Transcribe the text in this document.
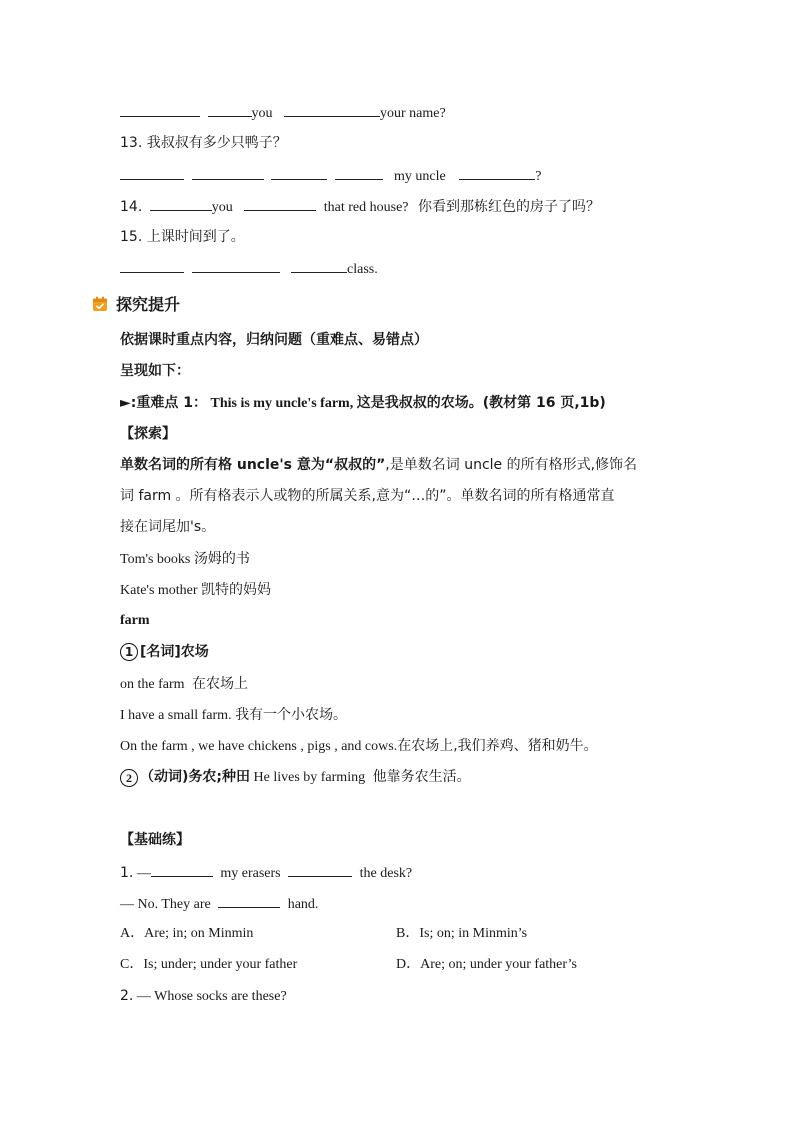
you	your name?
13. 我叔叔有多少只鸭子？
my uncle	?
14.	you	that red house? 你看到那栋红色的房子了吗？
15. 上课时间到了。
class.
探究提升
依据课时重点内容，归纳问题（重难点、易错点）
呈现如下：
►:重难点 1： This is my uncle's farm, 这是我叔叔的农场。(教材第 16 页,1b)
【探索】
单数名词的所有格 uncle's 意为“叔叔的”,是单数名词 uncle 的所有格形式,修饰名
词 farm 。所有格表示人或物的所属关系,意为“…的”。单数名词的所有格通常直
接在词尾加's。
Tom's books 汤姆的书
Kate's mother 凯特的妈妈
farm
1 [名词]农场
on the farm 在农场上
I have a small farm. 我有一个小农场。
On the farm , we have chickens , pigs , and cows.在农场上,我们养鸡、猪和奶牛。
2 （动词)务农;种田 He lives by farming 他靠务农生活。
【基础练】
1. —	my erasers	the desk?
— No. They are	hand.
A．Are; in; on Minmin	B．Is; on; in Minmin’s
C．Is; under; under your father	D．Are; on; under your father’s
2. — Whose socks are these?
